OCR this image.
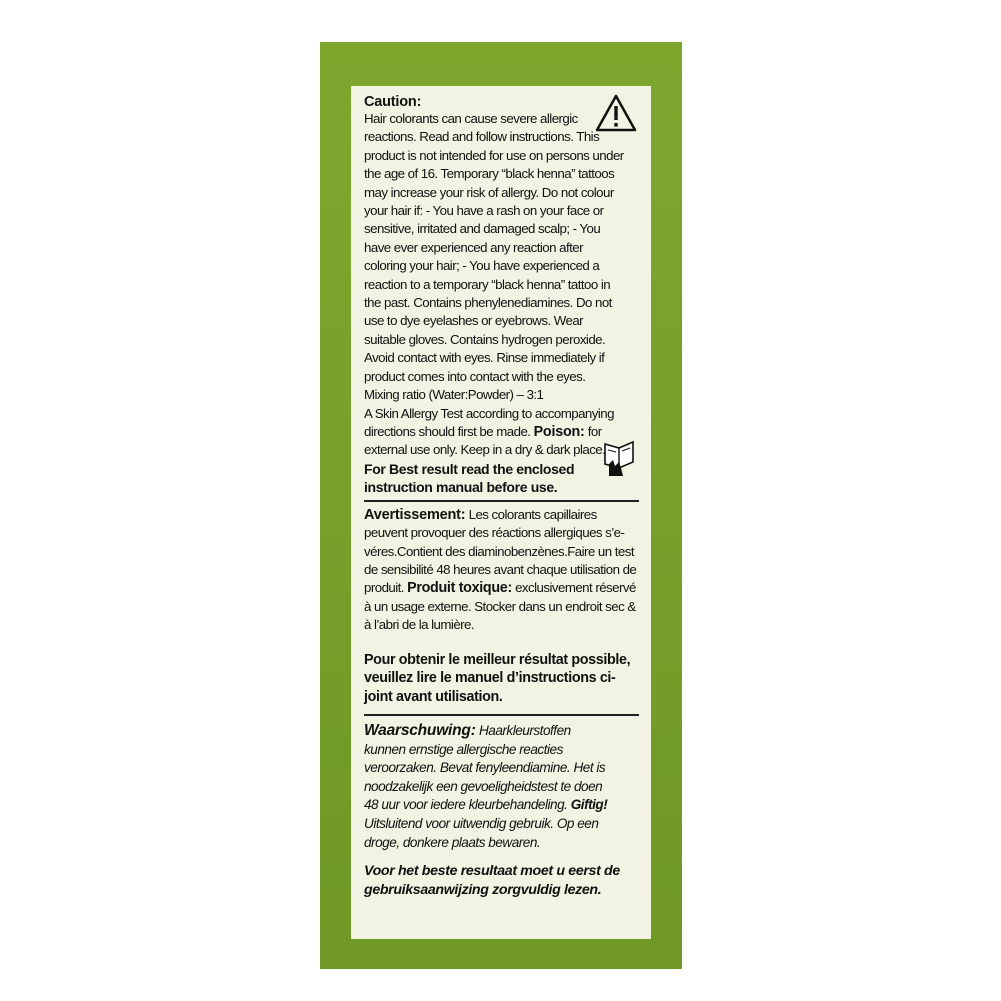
Caution:

Hair colorants can cause severe allergic reactions. Read and follow instructions. This product is not intended for use on persons under the age of 16. Temporary “black henna” tattoos may increase your risk of allergy. Do not colour your hair if: - You have a rash on your face or sensitive, irritated and damaged scalp; - You have ever experienced any reaction after coloring your hair; - You have experienced a reaction to a temporary “black henna” tattoo in the past. Contains phenylenediamines. Do not use to dye eyelashes or eyebrows. Wear suitable gloves. Contains hydrogen peroxide. Avoid contact with eyes. Rinse immediately if product comes into contact with the eyes.
Mixing ratio (Water:Powder) – 3:1
A Skin Allergy Test according to accompanying directions should first be made. Poison: for external use only. Keep in a dry & dark place.

For Best result read the enclosed instruction manual before use.

Avertissement: Les colorants capillaires peuvent provoquer des réactions allergiques s’e-véres.Contient des diaminobenzènes.Faire un test de sensibilité 48 heures avant chaque utilisation de produit. Produit toxique: exclusivement réservé à un usage externe. Stocker dans un endroit sec & à l’abri de la lumière.

Pour obtenir le meilleur résultat possible, veuillez lire le manuel d’instructions ci-joint avant utilisation.

Waarschuwing: Haarkleurstoffen kunnen ernstige allergische reacties veroorzaken. Bevat fenyleendiamine. Het is noodzakelijk een gevoeligheidstest te doen 48 uur voor iedere kleurbehandeling. Giftig! Uitsluitend voor uitwendig gebruik. Op een droge, donkere plaats bewaren.

Voor het beste resultaat moet u eerst de gebruiksaanwijzing zorgvuldig lezen.
